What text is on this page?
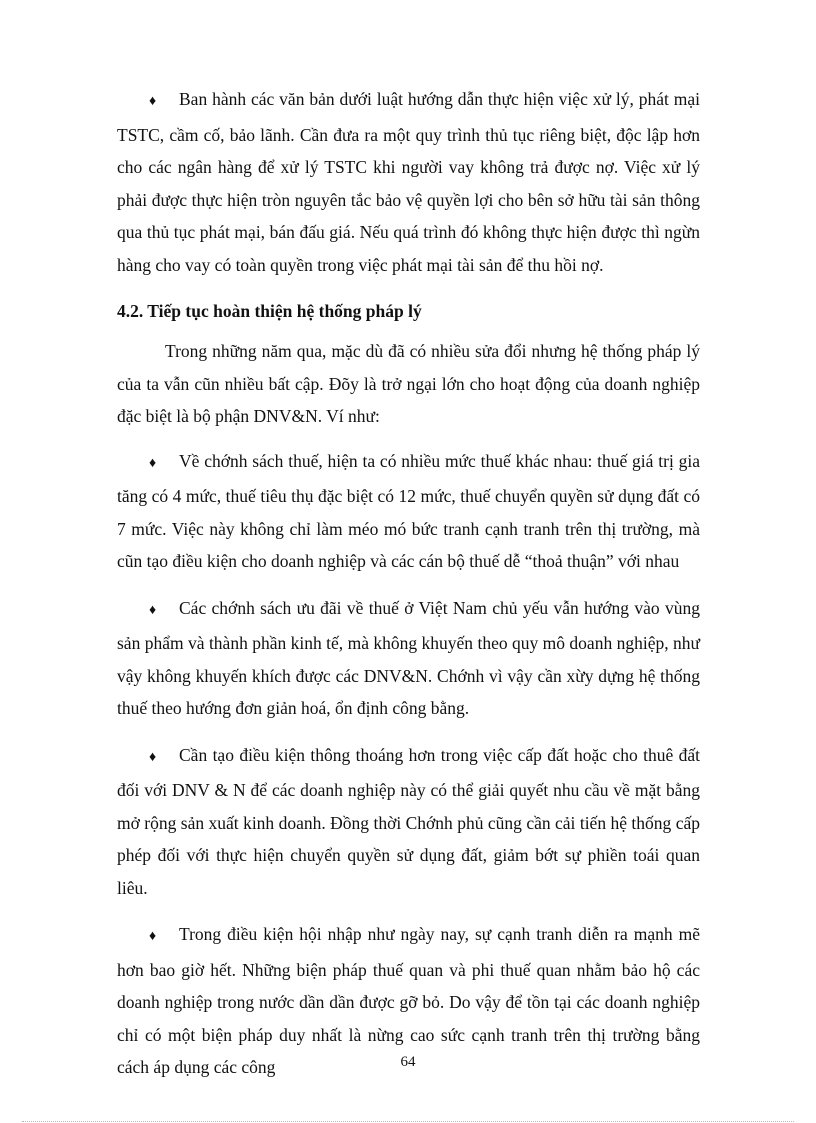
♦ Ban hành các văn bản dưới luật hướng dẫn thực hiện việc xử lý, phát mại TSTC, cầm cố, bảo lãnh. Cần đưa ra một quy trình thủ tục riêng biệt, độc lập hơn cho các ngân hàng để xử lý TSTC khi người vay không trả được nợ. Việc xử lý phải được thực hiện tròn nguyên tắc bảo vệ quyền lợi cho bên sở hữu tài sản thông qua thủ tục phát mại, bán đấu giá. Nếu quá trình đó không thực hiện được thì ngừn hàng cho vay có toàn quyền trong việc phát mại tài sản để thu hồi nợ.

4.2. Tiếp tục hoàn thiện hệ thống pháp lý

Trong những năm qua, mặc dù đã có nhiều sửa đổi nhưng hệ thống pháp lý của ta vẫn cũn nhiều bất cập. Đõy là trở ngại lớn cho hoạt động của doanh nghiệp đặc biệt là bộ phận DNV&N. Ví như:

♦ Về chớnh sách thuế, hiện ta có nhiều mức thuế khác nhau: thuế giá trị gia tăng có 4 mức, thuế tiêu thụ đặc biệt có 12 mức, thuế chuyển quyền sử dụng đất có 7 mức. Việc này không chỉ làm méo mó bức tranh cạnh tranh trên thị trường, mà cũn tạo điều kiện cho doanh nghiệp và các cán bộ thuế dễ “thoả thuận” với nhau

♦ Các chớnh sách ưu đãi về thuế ở Việt Nam chủ yếu vẫn hướng vào vùng sản phẩm và thành phần kinh tế, mà không khuyến theo quy mô doanh nghiệp, như vậy không khuyến khích được các DNV&N. Chớnh vì vậy cần xừy dựng hệ thống thuế theo hướng đơn giản hoá, ổn định công bằng.

♦ Cần tạo điều kiện thông thoáng hơn trong việc cấp đất hoặc cho thuê đất đối với DNV & N để các doanh nghiệp này có thể giải quyết nhu cầu về mặt bằng mở rộng sản xuất kinh doanh. Đồng thời Chớnh phủ cũng cần cải tiến hệ thống cấp phép đối với thực hiện chuyển quyền sử dụng đất, giảm bớt sự phiền toái quan liêu.

♦ Trong điều kiện hội nhập như ngày nay, sự cạnh tranh diễn ra mạnh mẽ hơn bao giờ hết. Những biện pháp thuế quan và phi thuế quan nhằm bảo hộ các doanh nghiệp trong nước dần dần được gỡ bỏ. Do vậy để tồn tại các doanh nghiệp chỉ có một biện pháp duy nhất là nừng cao sức cạnh tranh trên thị trường bằng cách áp dụng các công	64
